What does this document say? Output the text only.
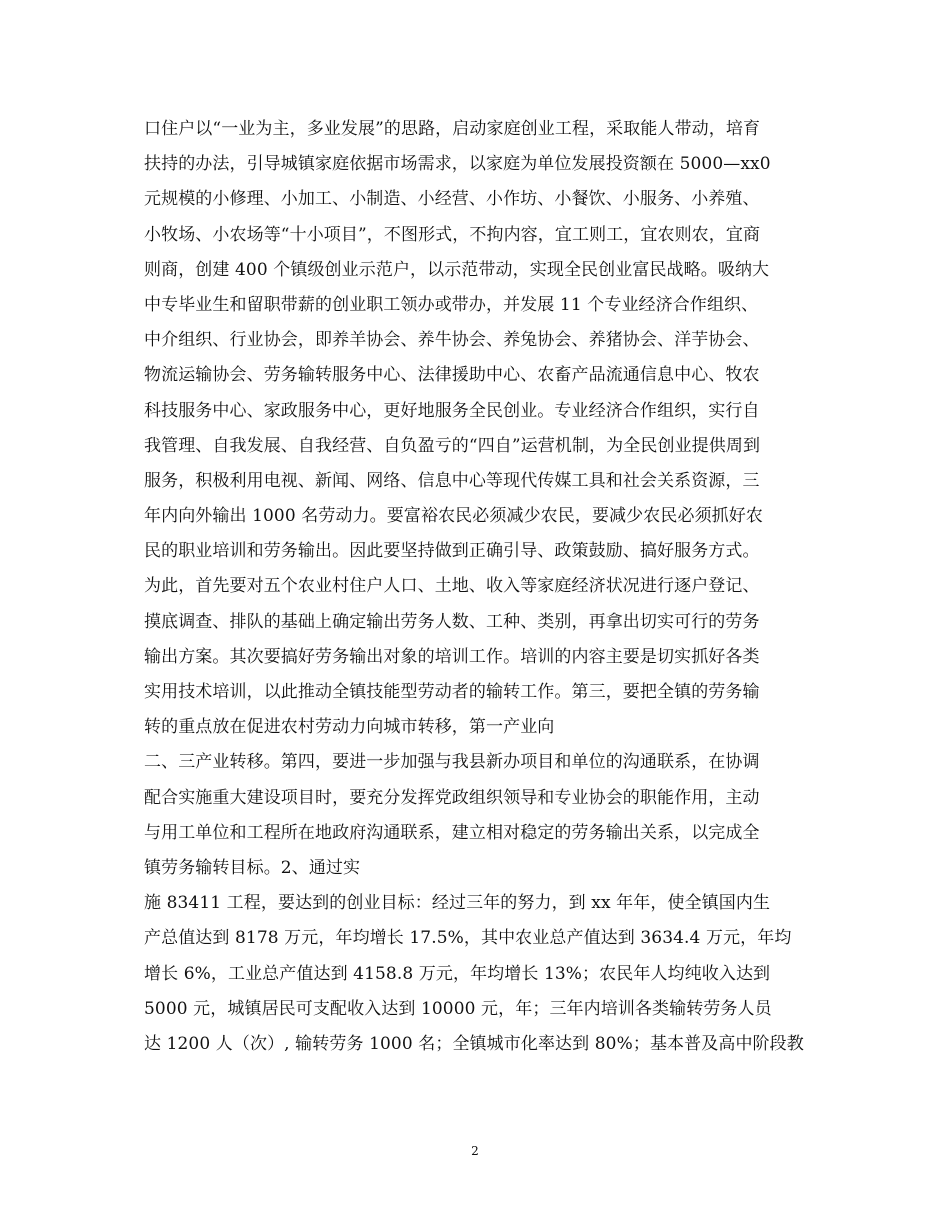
口住户以“一业为主，多业发展”的思路，启动家庭创业工程，采取能人带动，培育
扶持的办法，引导城镇家庭依据市场需求，以家庭为单位发展投资额在 5000—xx0
元规模的小修理、小加工、小制造、小经营、小作坊、小餐饮、小服务、小养殖、
小牧场、小农场等“十小项目”，不图形式，不拘内容，宜工则工，宜农则农，宜商
则商，创建 400 个镇级创业示范户，以示范带动，实现全民创业富民战略。吸纳大
中专毕业生和留职带薪的创业职工领办或带办，并发展 11 个专业经济合作组织、
中介组织、行业协会，即养羊协会、养牛协会、养兔协会、养猪协会、洋芋协会、
物流运输协会、劳务输转服务中心、法律援助中心、农畜产品流通信息中心、牧农
科技服务中心、家政服务中心，更好地服务全民创业。专业经济合作组织，实行自
我管理、自我发展、自我经营、自负盈亏的“四自”运营机制，为全民创业提供周到
服务，积极利用电视、新闻、网络、信息中心等现代传媒工具和社会关系资源，三
年内向外输出 1000 名劳动力。要富裕农民必须减少农民，要减少农民必须抓好农
民的职业培训和劳务输出。因此要坚持做到正确引导、政策鼓励、搞好服务方式。
为此，首先要对五个农业村住户人口、土地、收入等家庭经济状况进行逐户登记、
摸底调查、排队的基础上确定输出劳务人数、工种、类别，再拿出切实可行的劳务
输出方案。其次要搞好劳务输出对象的培训工作。培训的内容主要是切实抓好各类
实用技术培训，以此推动全镇技能型劳动者的输转工作。第三，要把全镇的劳务输
转的重点放在促进农村劳动力向城市转移，第一产业向
二、三产业转移。第四，要进一步加强与我县新办项目和单位的沟通联系，在协调
配合实施重大建设项目时，要充分发挥党政组织领导和专业协会的职能作用，主动
与用工单位和工程所在地政府沟通联系，建立相对稳定的劳务输出关系，以完成全
镇劳务输转目标。2、通过实
施 83411 工程，要达到的创业目标：经过三年的努力，到 xx 年年，使全镇国内生
产总值达到 8178 万元，年均增长 17.5%，其中农业总产值达到 3634.4 万元，年均
增长 6%，工业总产值达到 4158.8 万元，年均增长 13%；农民年人均纯收入达到
5000 元，城镇居民可支配收入达到 10000 元，年；三年内培训各类输转劳务人员
达 1200 人（次）, 输转劳务 1000 名；全镇城市化率达到 80%；基本普及高中阶段教
2
